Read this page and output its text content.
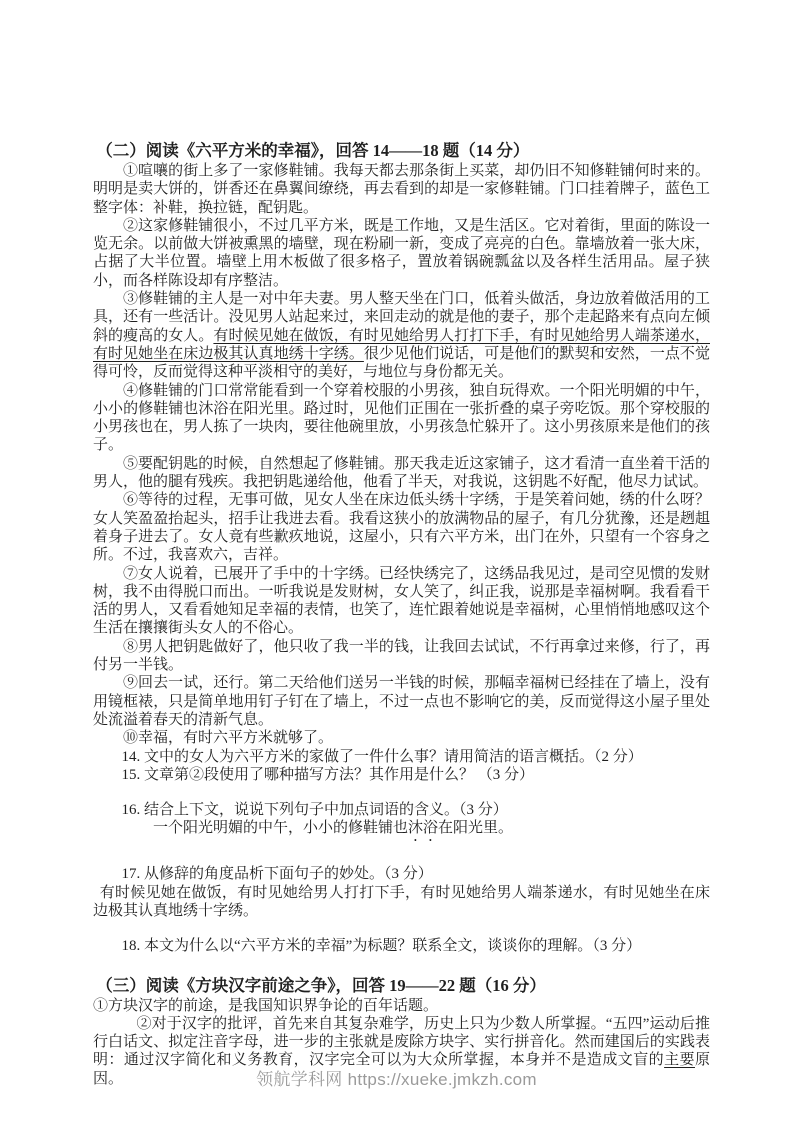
（二）阅读《六平方米的幸福》，回答 14——18 题（14 分）

①喧嚷的街上多了一家修鞋铺。我每天都去那条街上买菜，却仍旧不知修鞋铺何时来的。明明是卖大饼的，饼香还在鼻翼间缭绕，再去看到的却是一家修鞋铺。门口挂着牌子，蓝色工整字体：补鞋，换拉链，配钥匙。

②这家修鞋铺很小，不过几平方米，既是工作地，又是生活区。它对着街，里面的陈设一览无余。以前做大饼被熏黑的墙壁，现在粉刷一新，变成了亮亮的白色。靠墙放着一张大床，占据了大半位置。墙壁上用木板做了很多格子，置放着锅碗瓢盆以及各样生活用品。屋子狭小，而各样陈设却有序整洁。

③修鞋铺的主人是一对中年夫妻。男人整天坐在门口，低着头做活，身边放着做活用的工具，还有一些活计。没见男人站起来过，来回走动的就是他的妻子，那个走起路来有点向左倾斜的瘦高的女人。有时候见她在做饭，有时见她给男人打打下手，有时见她给男人端茶递水，有时见她坐在床边极其认真地绣十字绣。很少见他们说话，可是他们的默契和安然，一点不觉得可怜，反而觉得这种平淡相守的美好，与地位与身份都无关。

④修鞋铺的门口常常能看到一个穿着校服的小男孩，独自玩得欢。一个阳光明媚的中午，小小的修鞋铺也沐浴在阳光里。路过时，见他们正围在一张折叠的桌子旁吃饭。那个穿校服的小男孩也在，男人拣了一块肉，要往他碗里放，小男孩急忙躲开了。这小男孩原来是他们的孩子。

⑤要配钥匙的时候，自然想起了修鞋铺。那天我走近这家铺子，这才看清一直坐着干活的男人，他的腿有残疾。我把钥匙递给他，他看了半天，对我说，这钥匙不好配，他尽力试试。

⑥等待的过程，无事可做，见女人坐在床边低头绣十字绣，于是笑着问她，绣的什么呀？女人笑盈盈抬起头，招手让我进去看。我看这狭小的放满物品的屋子，有几分犹豫，还是趔趄着身子进去了。女人竟有些歉疚地说，这屋小，只有六平方米，出门在外，只望有一个容身之所。不过，我喜欢六，吉祥。

⑦女人说着，已展开了手中的十字绣。已经快绣完了，这绣品我见过，是司空见惯的发财树，我不由得脱口而出。一听我说是发财树，女人笑了，纠正我，说那是幸福树啊。我看看干活的男人，又看看她知足幸福的表情，也笑了，连忙跟着她说是幸福树，心里悄悄地感叹这个生活在攘攘街头女人的不俗心。

⑧男人把钥匙做好了，他只收了我一半的钱，让我回去试试，不行再拿过来修，行了，再付另一半钱。

⑨回去一试，还行。第二天给他们送另一半钱的时候，那幅幸福树已经挂在了墙上，没有用镜框裱，只是简单地用钉子钉在了墙上，不过一点也不影响它的美，反而觉得这小屋子里处处流溢着春天的清新气息。

⑩幸福，有时六平方米就够了。

14. 文中的女人为六平方米的家做了一件什么事？请用简洁的语言概括。（2 分）

15. 文章第②段使用了哪种描写方法？其作用是什么？ （3 分）

16. 结合上下文，说说下列句子中加点词语的含义。（3 分）

一个阳光明媚的中午，小小的修鞋铺也沐浴在阳光里。

17. 从修辞的角度品析下面句子的妙处。（3 分）

有时候见她在做饭，有时见她给男人打打下手，有时见她给男人端茶递水，有时见她坐在床边极其认真地绣十字绣。

18. 本文为什么以“六平方米的幸福”为标题？联系全文，谈谈你的理解。（3 分）

（三）阅读《方块汉字前途之争》，回答 19——22 题（16 分）

①方块汉字的前途，是我国知识界争论的百年话题。

②对于汉字的批评，首先来自其复杂难学，历史上只为少数人所掌握。“五四”运动后推行白话文、拟定注音字母，进一步的主张就是废除方块字、实行拼音化。然而建国后的实践表明：通过汉字简化和义务教育，汉字完全可以为大众所掌握，本身并不是造成文盲的主要原因。	领航学科网 https://xueke.jmkzh.com
